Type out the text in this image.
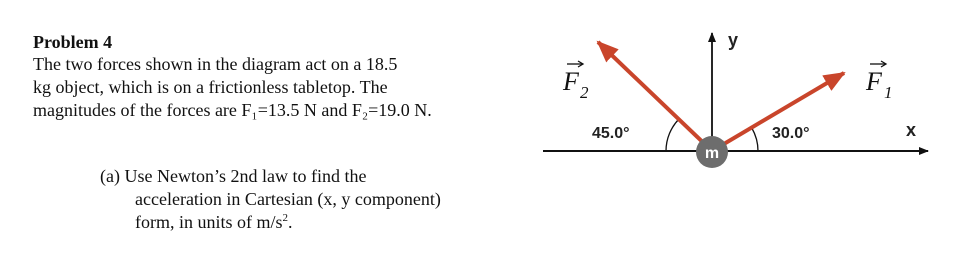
Problem 4

The two forces shown in the diagram act on a 18.5

kg object, which is on a frictionless tabletop. The

magnitudes of the forces are F₁=13.5 N and F₂=19.0 N.

(a) Use Newton’s 2nd law to find the
acceleration in Cartesian (x, y component)
form, in units of $m/s^2$.
m
y
x
30.0°
45.0°
F 2	F 1
